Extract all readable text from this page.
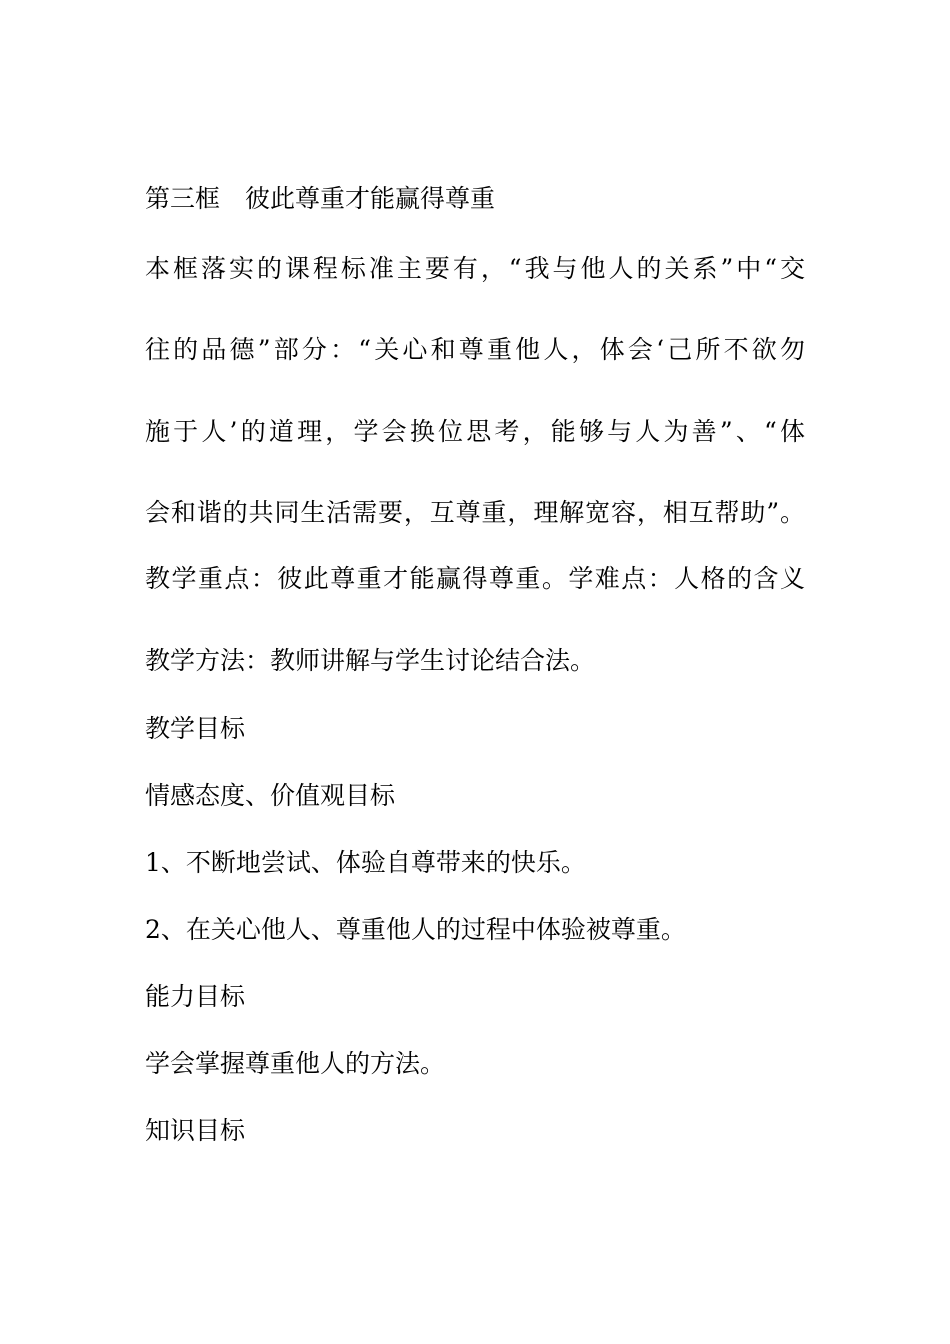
第三框　彼此尊重才能赢得尊重
本框落实的课程标准主要有，“我与他人的关系”中“交
往的品德”部分：“关心和尊重他人，体会‘己所不欲勿
施于人’的道理，学会换位思考，能够与人为善”、“体
会和谐的共同生活需要，互尊重，理解宽容，相互帮助”。
教学重点：彼此尊重才能赢得尊重。学难点：人格的含义
教学方法：教师讲解与学生讨论结合法。
教学目标
情感态度、价值观目标
1、不断地尝试、体验自尊带来的快乐。
2、在关心他人、尊重他人的过程中体验被尊重。
能力目标
学会掌握尊重他人的方法。
知识目标
